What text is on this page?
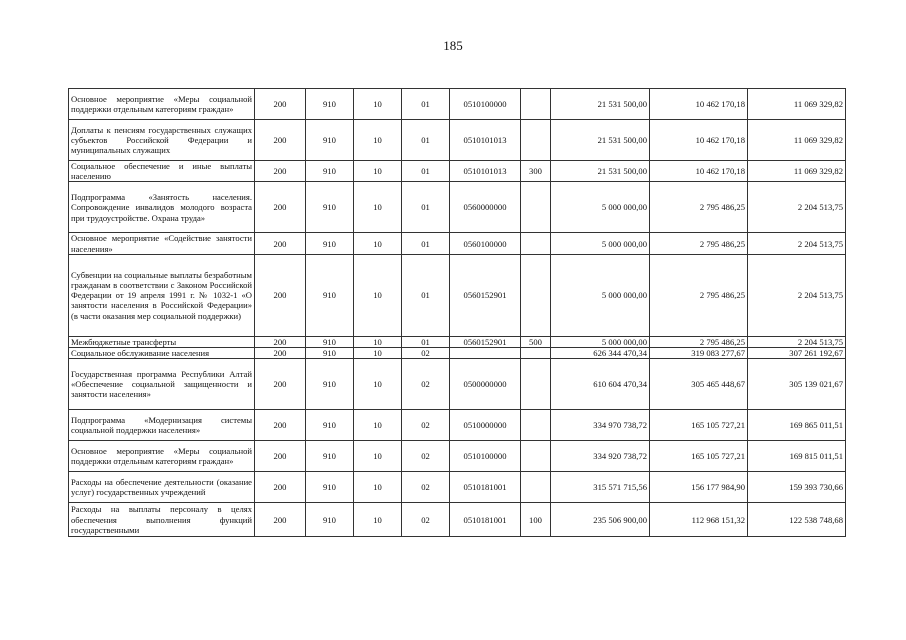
185
Основное мероприятие «Меры социальной поддержки отдельным категориям граждан»	200	910	10	01	0510100000		21 531 500,00	10 462 170,18	11 069 329,82
Доплаты к пенсиям государственных служащих субъектов Российской Федерации и муниципальных служащих	200	910	10	01	0510101013		21 531 500,00	10 462 170,18	11 069 329,82
Социальное обеспечение и иные выплаты населению	200	910	10	01	0510101013	300	21 531 500,00	10 462 170,18	11 069 329,82
Подпрограмма «Занятость населения. Сопровождение инвалидов молодого возраста при трудоустройстве. Охрана труда»	200	910	10	01	0560000000		5 000 000,00	2 795 486,25	2 204 513,75
Основное мероприятие «Содействие занятости населения»	200	910	10	01	0560100000		5 000 000,00	2 795 486,25	2 204 513,75
Субвенции на социальные выплаты безработным гражданам в соответствии с Законом Российской Федерации от 19 апреля 1991 г. № 1032-1 «О занятости населения в Российской Федерации» (в части оказания мер социальной поддержки)	200	910	10	01	0560152901		5 000 000,00	2 795 486,25	2 204 513,75
Межбюджетные трансферты	200	910	10	01	0560152901	500	5 000 000,00	2 795 486,25	2 204 513,75
Социальное обслуживание населения	200	910	10	02			626 344 470,34	319 083 277,67	307 261 192,67
Государственная программа Республики Алтай «Обеспечение социальной защищенности и занятости населения»	200	910	10	02	0500000000		610 604 470,34	305 465 448,67	305 139 021,67
Подпрограмма «Модернизация системы социальной поддержки населения»	200	910	10	02	0510000000		334 970 738,72	165 105 727,21	169 865 011,51
Основное мероприятие «Меры социальной поддержки отдельным категориям граждан»	200	910	10	02	0510100000		334 920 738,72	165 105 727,21	169 815 011,51
Расходы на обеспечение деятельности (оказание услуг) государственных учреждений	200	910	10	02	0510181001		315 571 715,56	156 177 984,90	159 393 730,66
Расходы на выплаты персоналу в целях обеспечения выполнения функций государственными	200	910	10	02	0510181001	100	235 506 900,00	112 968 151,32	122 538 748,68
